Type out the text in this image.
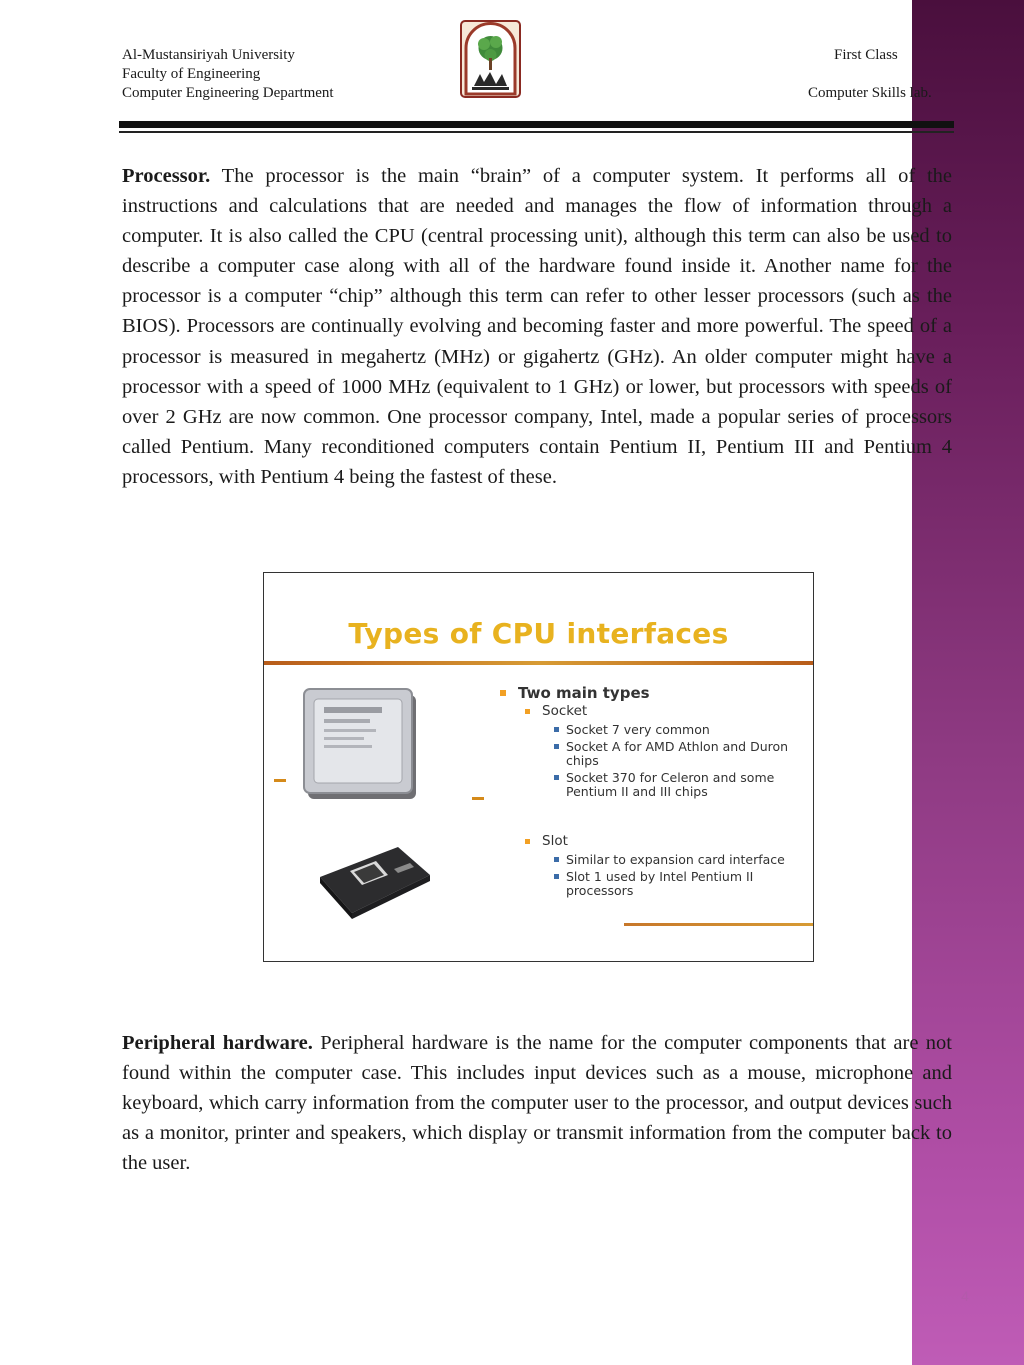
4
Al-Mustansiriyah University
Faculty of Engineering
Computer Engineering Department
First Class
Computer Skills lab.

Processor. The processor is the main “brain” of a computer system. It performs all of the instructions and calculations that are needed and manages the flow of information through a computer. It is also called the CPU (central processing unit), although this term can also be used to describe a computer case along with all of the hardware found inside it. Another name for the processor is a computer “chip” although this term can refer to other lesser processors (such as the BIOS). Processors are continually evolving and becoming faster and more powerful. The speed of a processor is measured in megahertz (MHz) or gigahertz (GHz). An older computer might have a processor with a speed of 1000 MHz (equivalent to 1 GHz) or lower, but processors with speeds of over 2 GHz are now common. One processor company, Intel, made a popular series of processors called Pentium. Many reconditioned computers contain Pentium II, Pentium III and Pentium 4 processors, with Pentium 4 being the fastest of these.

Types of CPU interfaces
Two main types
Socket
Socket 7 very common
Socket A for AMD Athlon and Duron chips
Socket 370 for Celeron and some Pentium II and III chips
Slot
Similar to expansion card interface
Slot 1 used by Intel Pentium II processors

Peripheral hardware. Peripheral hardware is the name for the computer components that are not found within the computer case. This includes input devices such as a mouse, microphone and keyboard, which carry information from the computer user to the processor, and output devices such as a monitor, printer and speakers, which display or transmit information from the computer back to the user.
